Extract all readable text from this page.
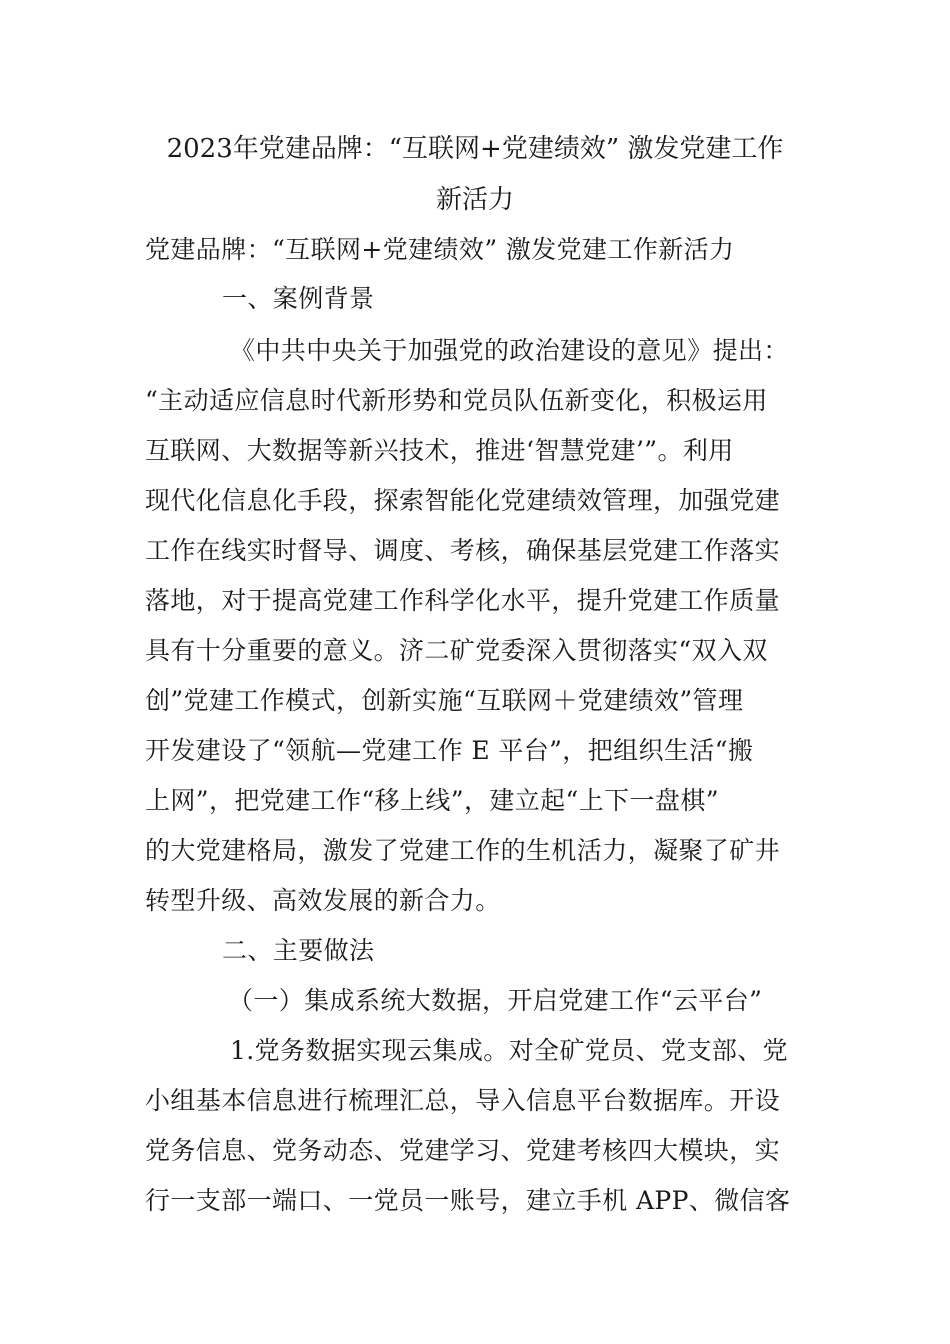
2023年党建品牌：“互联网+党建绩效” 激发党建工作
新活力
党建品牌：“互联网+党建绩效” 激发党建工作新活力
一、案例背景
《中共中央关于加强党的政治建设的意见》提出：
“主动适应信息时代新形势和党员队伍新变化，积极运用
互联网、大数据等新兴技术，推进‘智慧党建’”。利用
现代化信息化手段，探索智能化党建绩效管理，加强党建
工作在线实时督导、调度、考核，确保基层党建工作落实
落地，对于提高党建工作科学化水平，提升党建工作质量
具有十分重要的意义。济二矿党委深入贯彻落实“双入双
创”党建工作模式，创新实施“互联网＋党建绩效”管理
开发建设了“领航—党建工作 E 平台”，把组织生活“搬
上网”，把党建工作“移上线”，建立起“上下一盘棋”
的大党建格局，激发了党建工作的生机活力，凝聚了矿井
转型升级、高效发展的新合力。
二、主要做法
（一）集成系统大数据，开启党建工作“云平台”
1.党务数据实现云集成。对全矿党员、党支部、党
小组基本信息进行梳理汇总，导入信息平台数据库。开设
党务信息、党务动态、党建学习、党建考核四大模块，实
行一支部一端口、一党员一账号，建立手机 APP、微信客
